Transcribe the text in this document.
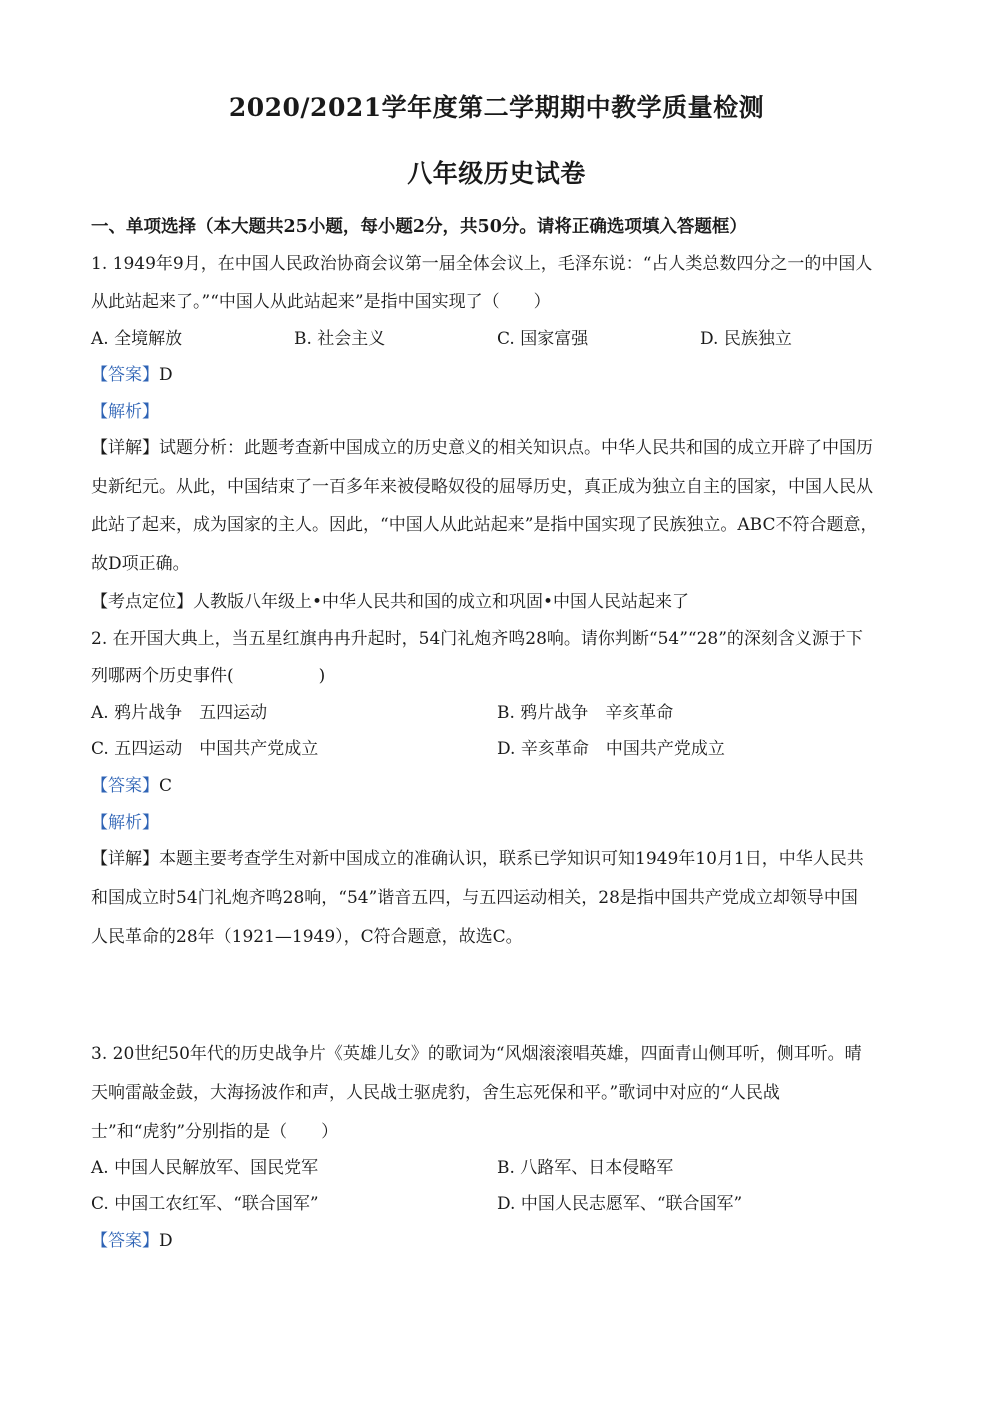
2020/2021学年度第二学期期中教学质量检测
八年级历史试卷
一、单项选择（本大题共25小题，每小题2分，共50分。请将正确选项填入答题框）
1. 1949年9月，在中国人民政治协商会议第一届全体会议上，毛泽东说：“占人类总数四分之一的中国人
从此站起来了。”“中国人从此站起来”是指中国实现了（　　）
A. 全境解放	B. 社会主义	C. 国家富强	D. 民族独立
【答案】D
【解析】
【详解】试题分析：此题考查新中国成立的历史意义的相关知识点。中华人民共和国的成立开辟了中国历
史新纪元。从此，中国结束了一百多年来被侵略奴役的屈辱历史，真正成为独立自主的国家，中国人民从
此站了起来，成为国家的主人。因此，“中国人从此站起来”是指中国实现了民族独立。ABC不符合题意，
故D项正确。
【考点定位】人教版八年级上•中华人民共和国的成立和巩固•中国人民站起来了
2. 在开国大典上，当五星红旗冉冉升起时，54门礼炮齐鸣28响。请你判断“54”“28”的深刻含义源于下
列哪两个历史事件(　　　　　)
A. 鸦片战争　五四运动	B. 鸦片战争　辛亥革命
C. 五四运动　中国共产党成立	D. 辛亥革命　中国共产党成立
【答案】C
【解析】
【详解】本题主要考查学生对新中国成立的准确认识，联系已学知识可知1949年10月1日，中华人民共
和国成立时54门礼炮齐鸣28响，“54”谐音五四，与五四运动相关，28是指中国共产党成立却领导中国
人民革命的28年（1921—1949），C符合题意，故选C。
3. 20世纪50年代的历史战争片《英雄儿女》的歌词为“风烟滚滚唱英雄，四面青山侧耳听，侧耳听。晴
天响雷敲金鼓，大海扬波作和声，人民战士驱虎豹，舍生忘死保和平。”歌词中对应的“人民战
士”和“虎豹”分别指的是（　　）
A. 中国人民解放军、国民党军	B. 八路军、日本侵略军
C. 中国工农红军、“联合国军”	D. 中国人民志愿军、“联合国军”
【答案】D
